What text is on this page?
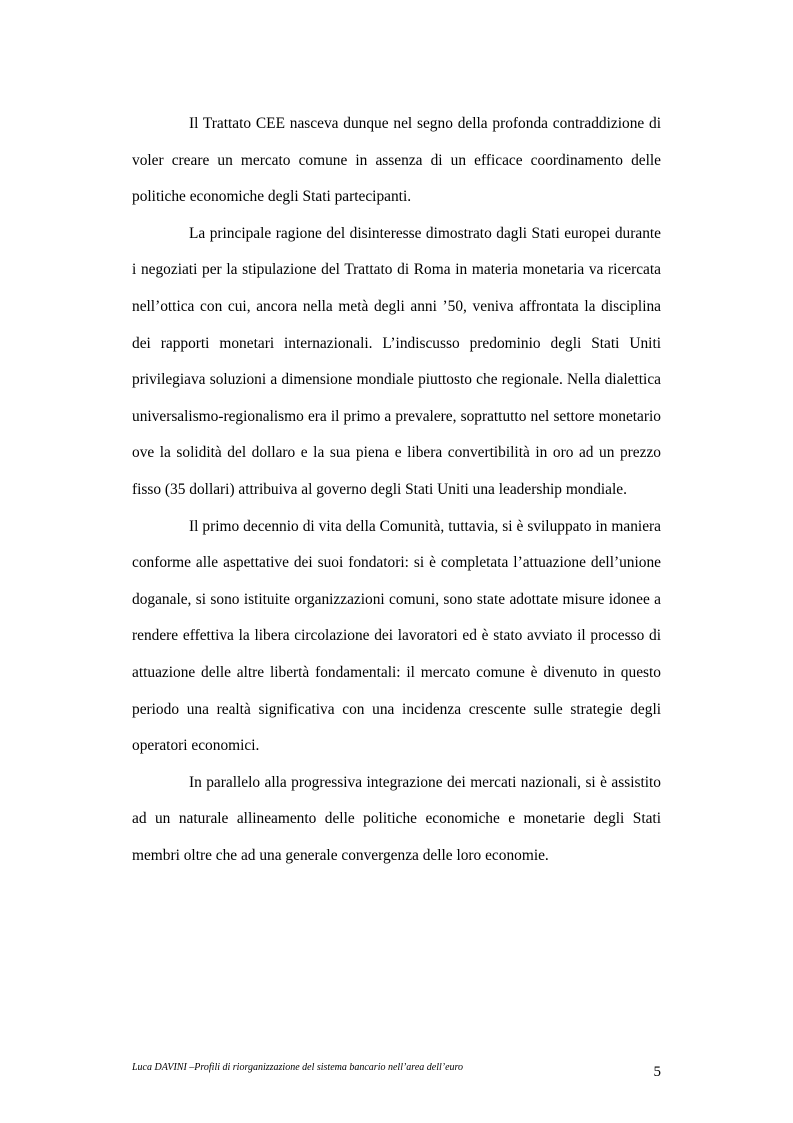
Il Trattato CEE nasceva dunque nel segno della profonda contraddizione di voler creare un mercato comune in assenza di un efficace coordinamento delle politiche economiche degli Stati partecipanti.

La principale ragione del disinteresse dimostrato dagli Stati europei durante i negoziati per la stipulazione del Trattato di Roma in materia monetaria va ricercata nell’ottica con cui, ancora nella metà degli anni ’50, veniva affrontata la disciplina dei rapporti monetari internazionali. L’indiscusso predominio degli Stati Uniti privilegiava soluzioni a dimensione mondiale piuttosto che regionale. Nella dialettica universalismo-regionalismo era il primo a prevalere, soprattutto nel settore monetario ove la solidità del dollaro e la sua piena e libera convertibilità in oro ad un prezzo fisso (35 dollari) attribuiva al governo degli Stati Uniti una leadership mondiale.

Il primo decennio di vita della Comunità, tuttavia, si è sviluppato in maniera conforme alle aspettative dei suoi fondatori: si è completata l’attuazione dell’unione doganale, si sono istituite organizzazioni comuni, sono state adottate misure idonee a rendere effettiva la libera circolazione dei lavoratori ed è stato avviato il processo di attuazione delle altre libertà fondamentali: il mercato comune è divenuto in questo periodo una realtà significativa con una incidenza crescente sulle strategie degli operatori economici.

In parallelo alla progressiva integrazione dei mercati nazionali, si è assistito ad un naturale allineamento delle politiche economiche e monetarie degli Stati membri oltre che ad una generale convergenza delle loro economie.

Luca DAVINI –Profili di riorganizzazione del sistema bancario nell’area dell’euro	5
